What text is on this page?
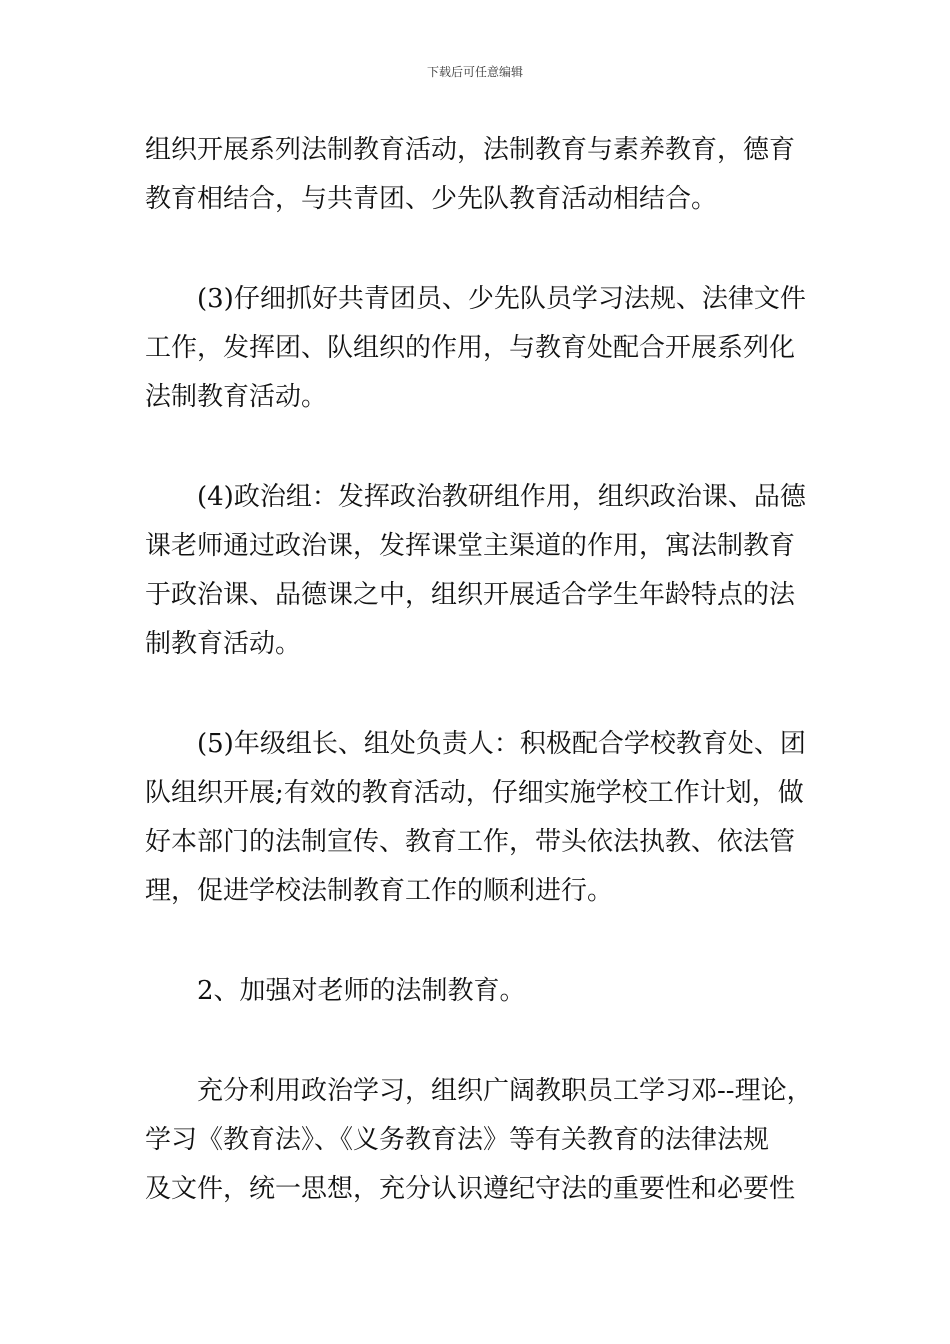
下载后可任意编辑

组织开展系列法制教育活动，法制教育与素养教育，德育
教育相结合，与共青团、少先队教育活动相结合。

(3)仔细抓好共青团员、少先队员学习法规、法律文件
工作，发挥团、队组织的作用，与教育处配合开展系列化
法制教育活动。

(4)政治组：发挥政治教研组作用，组织政治课、品德
课老师通过政治课，发挥课堂主渠道的作用，寓法制教育
于政治课、品德课之中，组织开展适合学生年龄特点的法
制教育活动。

(5)年级组长、组处负责人：积极配合学校教育处、团
队组织开展;有效的教育活动，仔细实施学校工作计划，做
好本部门的法制宣传、教育工作，带头依法执教、依法管
理，促进学校法制教育工作的顺利进行。

2、加强对老师的法制教育。

充分利用政治学习，组织广阔教职员工学习邓--理论，
学习《教育法》、《义务教育法》等有关教育的法律法规
及文件，统一思想，充分认识遵纪守法的重要性和必要性
